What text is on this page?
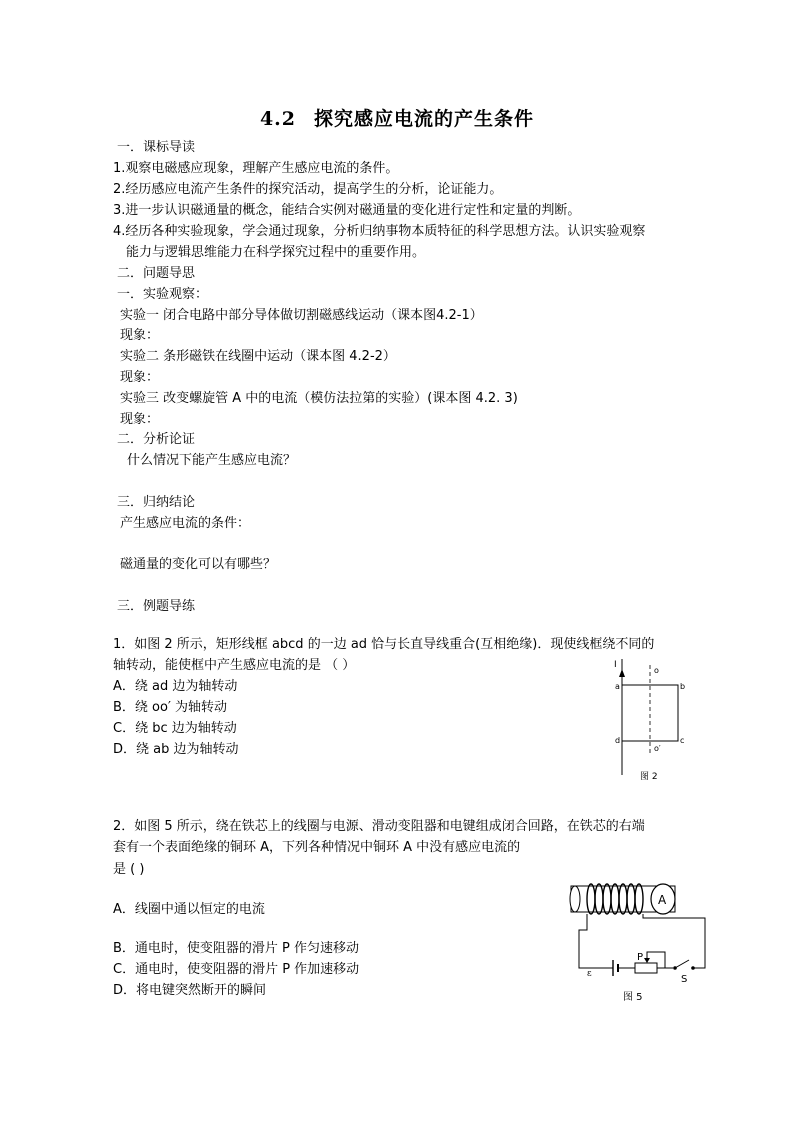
4.2 探究感应电流的产生条件
一．课标导读
1.观察电磁感应现象，理解产生感应电流的条件。
2.经历感应电流产生条件的探究活动，提高学生的分析，论证能力。
3.进一步认识磁通量的概念，能结合实例对磁通量的变化进行定性和定量的判断。
4.经历各种实验现象，学会通过现象，分析归纳事物本质特征的科学思想方法。认识实验观察
能力与逻辑思维能力在科学探究过程中的重要作用。
二．问题导思
一．实验观察：
实验一 闭合电路中部分导体做切割磁感线运动（课本图4.2-1）
现象：
实验二 条形磁铁在线圈中运动（课本图 4.2-2）
现象：
实验三 改变螺旋管 A 中的电流（模仿法拉第的实验）(课本图 4.2. 3)
现象：
二．分析论证
什么情况下能产生感应电流？
三．归纳结论
产生感应电流的条件：
磁通量的变化可以有哪些？
三．例题导练
1．如图 2 所示，矩形线框 abcd 的一边 ad 恰与长直导线重合(互相绝缘)．现使线框绕不同的
轴转动，能使框中产生感应电流的是 （ ）
A．绕 ad 边为轴转动
B．绕 oo′ 为轴转动
C．绕 bc 边为轴转动
D．绕 ab 边为轴转动
I
o
a	b
d	c
o′
图 2
2．如图 5 所示，绕在铁芯上的线圈与电源、滑动变阻器和电键组成闭合回路，在铁芯的右端
套有一个表面绝缘的铜环 A，下列各种情况中铜环 A 中没有感应电流的
是 ( )
A．线圈中通以恒定的电流
B．通电时，使变阻器的滑片 P 作匀速移动
C．通电时，使变阻器的滑片 P 作加速移动
D．将电键突然断开的瞬间
A
ε
P
S
图 5
